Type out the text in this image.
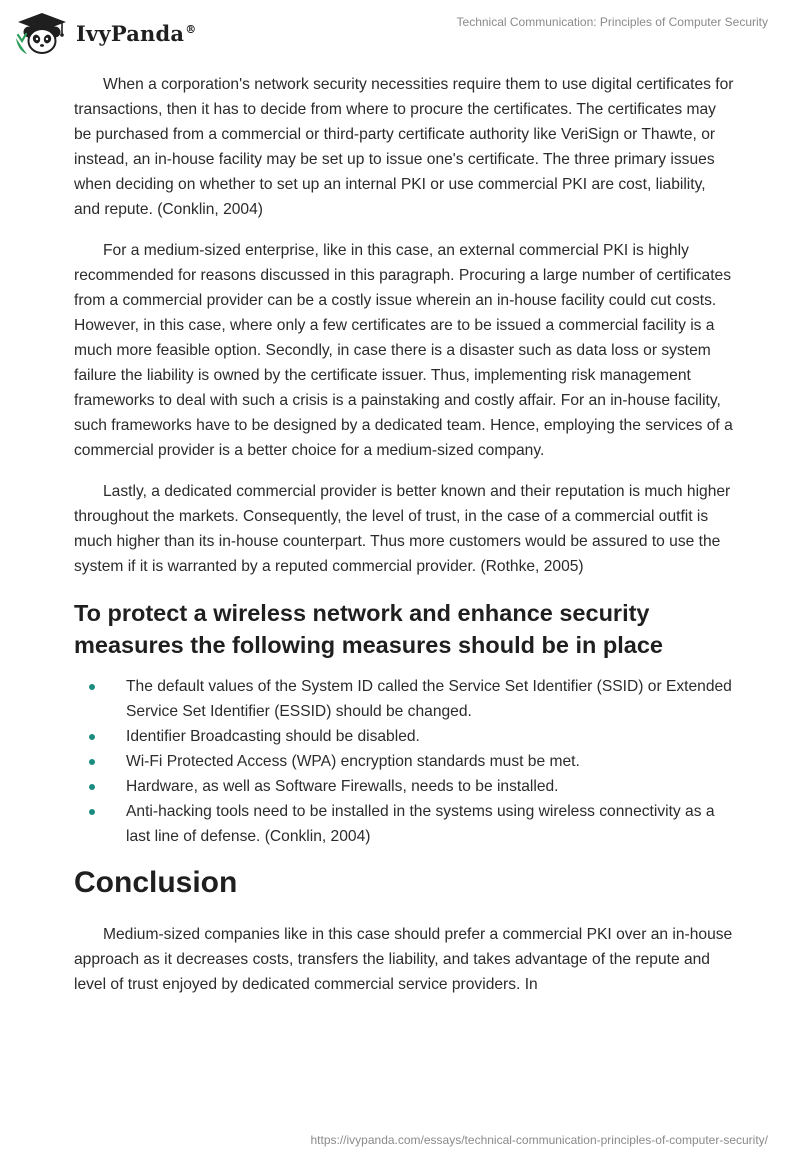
IvyPanda®	Technical Communication: Principles of Computer Security

When a corporation's network security necessities require them to use digital certificates for transactions, then it has to decide from where to procure the certificates. The certificates may be purchased from a commercial or third-party certificate authority like VeriSign or Thawte, or instead, an in-house facility may be set up to issue one's certificate. The three primary issues when deciding on whether to set up an internal PKI or use commercial PKI are cost, liability, and repute. (Conklin, 2004)

For a medium-sized enterprise, like in this case, an external commercial PKI is highly recommended for reasons discussed in this paragraph. Procuring a large number of certificates from a commercial provider can be a costly issue wherein an in-house facility could cut costs. However, in this case, where only a few certificates are to be issued a commercial facility is a much more feasible option. Secondly, in case there is a disaster such as data loss or system failure the liability is owned by the certificate issuer. Thus, implementing risk management frameworks to deal with such a crisis is a painstaking and costly affair. For an in-house facility, such frameworks have to be designed by a dedicated team. Hence, employing the services of a commercial provider is a better choice for a medium-sized company.

Lastly, a dedicated commercial provider is better known and their reputation is much higher throughout the markets. Consequently, the level of trust, in the case of a commercial outfit is much higher than its in-house counterpart. Thus more customers would be assured to use the system if it is warranted by a reputed commercial provider. (Rothke, 2005)

To protect a wireless network and enhance security measures the following measures should be in place
The default values of the System ID called the Service Set Identifier (SSID) or Extended Service Set Identifier (ESSID) should be changed.
Identifier Broadcasting should be disabled.
Wi-Fi Protected Access (WPA) encryption standards must be met.
Hardware, as well as Software Firewalls, needs to be installed.
Anti-hacking tools need to be installed in the systems using wireless connectivity as a last line of defense. (Conklin, 2004)
Conclusion

Medium-sized companies like in this case should prefer a commercial PKI over an in-house approach as it decreases costs, transfers the liability, and takes advantage of the repute and level of trust enjoyed by dedicated commercial service providers. In

https://ivypanda.com/essays/technical-communication-principles-of-computer-security/
